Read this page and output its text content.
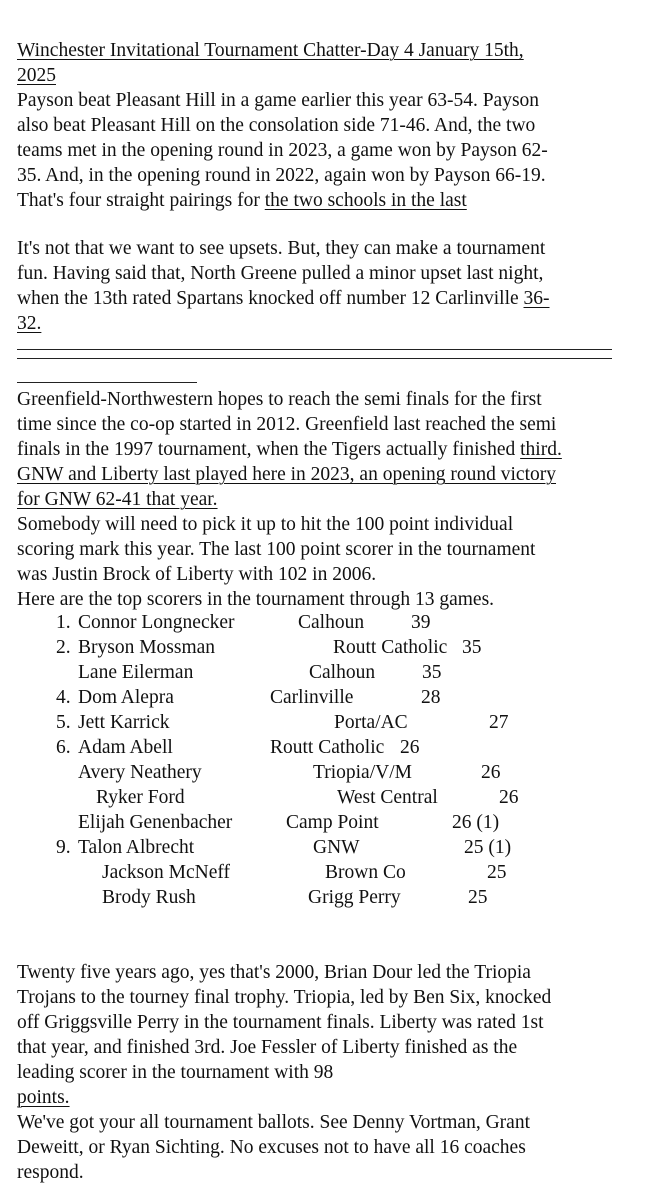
Winchester Invitational Tournament Chatter-Day 4 January 15th,
2025
Payson beat Pleasant Hill in a game earlier this year 63-54. Payson
also beat Pleasant Hill on the consolation side 71-46. And, the two
teams met in the opening round in 2023, a game won by Payson 62-
35. And, in the opening round in 2022, again won by Payson 66-19.
That's four straight pairings for the two schools in the last
It's not that we want to see upsets. But, they can make a tournament
fun. Having said that, North Greene pulled a minor upset last night,
when the 13th rated Spartans knocked off number 12 Carlinville 36-
32.
Greenfield-Northwestern hopes to reach the semi finals for the first
time since the co-op started in 2012. Greenfield last reached the semi
finals in the 1997 tournament, when the Tigers actually finished third.
GNW and Liberty last played here in 2023, an opening round victory
for GNW 62-41 that year.
Somebody will need to pick it up to hit the 100 point individual
scoring mark this year. The last 100 point scorer in the tournament
was Justin Brock of Liberty with 102 in 2006.
Here are the top scorers in the tournament through 13 games.
1. Connor Longnecker	Calhoun 39
2. Bryson Mossman	Routt Catholic 35
Lane Eilerman	Calhoun 35
4. Dom Alepra	Carlinville	28
5. Jett Karrick	Porta/AC	27
6. Adam Abell	Routt Catholic 26
Avery Neathery	Triopia/V/M	26
Ryker Ford	West Central	26
Elijah Genenbacher	Camp Point	26 (1)
9. Talon Albrecht	GNW	25 (1)
Jackson McNeff	Brown Co	25
Brody Rush	Grigg Perry	25
Twenty five years ago, yes that's 2000, Brian Dour led the Triopia
Trojans to the tourney final trophy. Triopia, led by Ben Six, knocked
off Griggsville Perry in the tournament finals. Liberty was rated 1st
that year, and finished 3rd. Joe Fessler of Liberty finished as the
leading scorer in the tournament with 98
points.
We've got your all tournament ballots. See Denny Vortman, Grant
Deweitt, or Ryan Sichting. No excuses not to have all 16 coaches
respond.
